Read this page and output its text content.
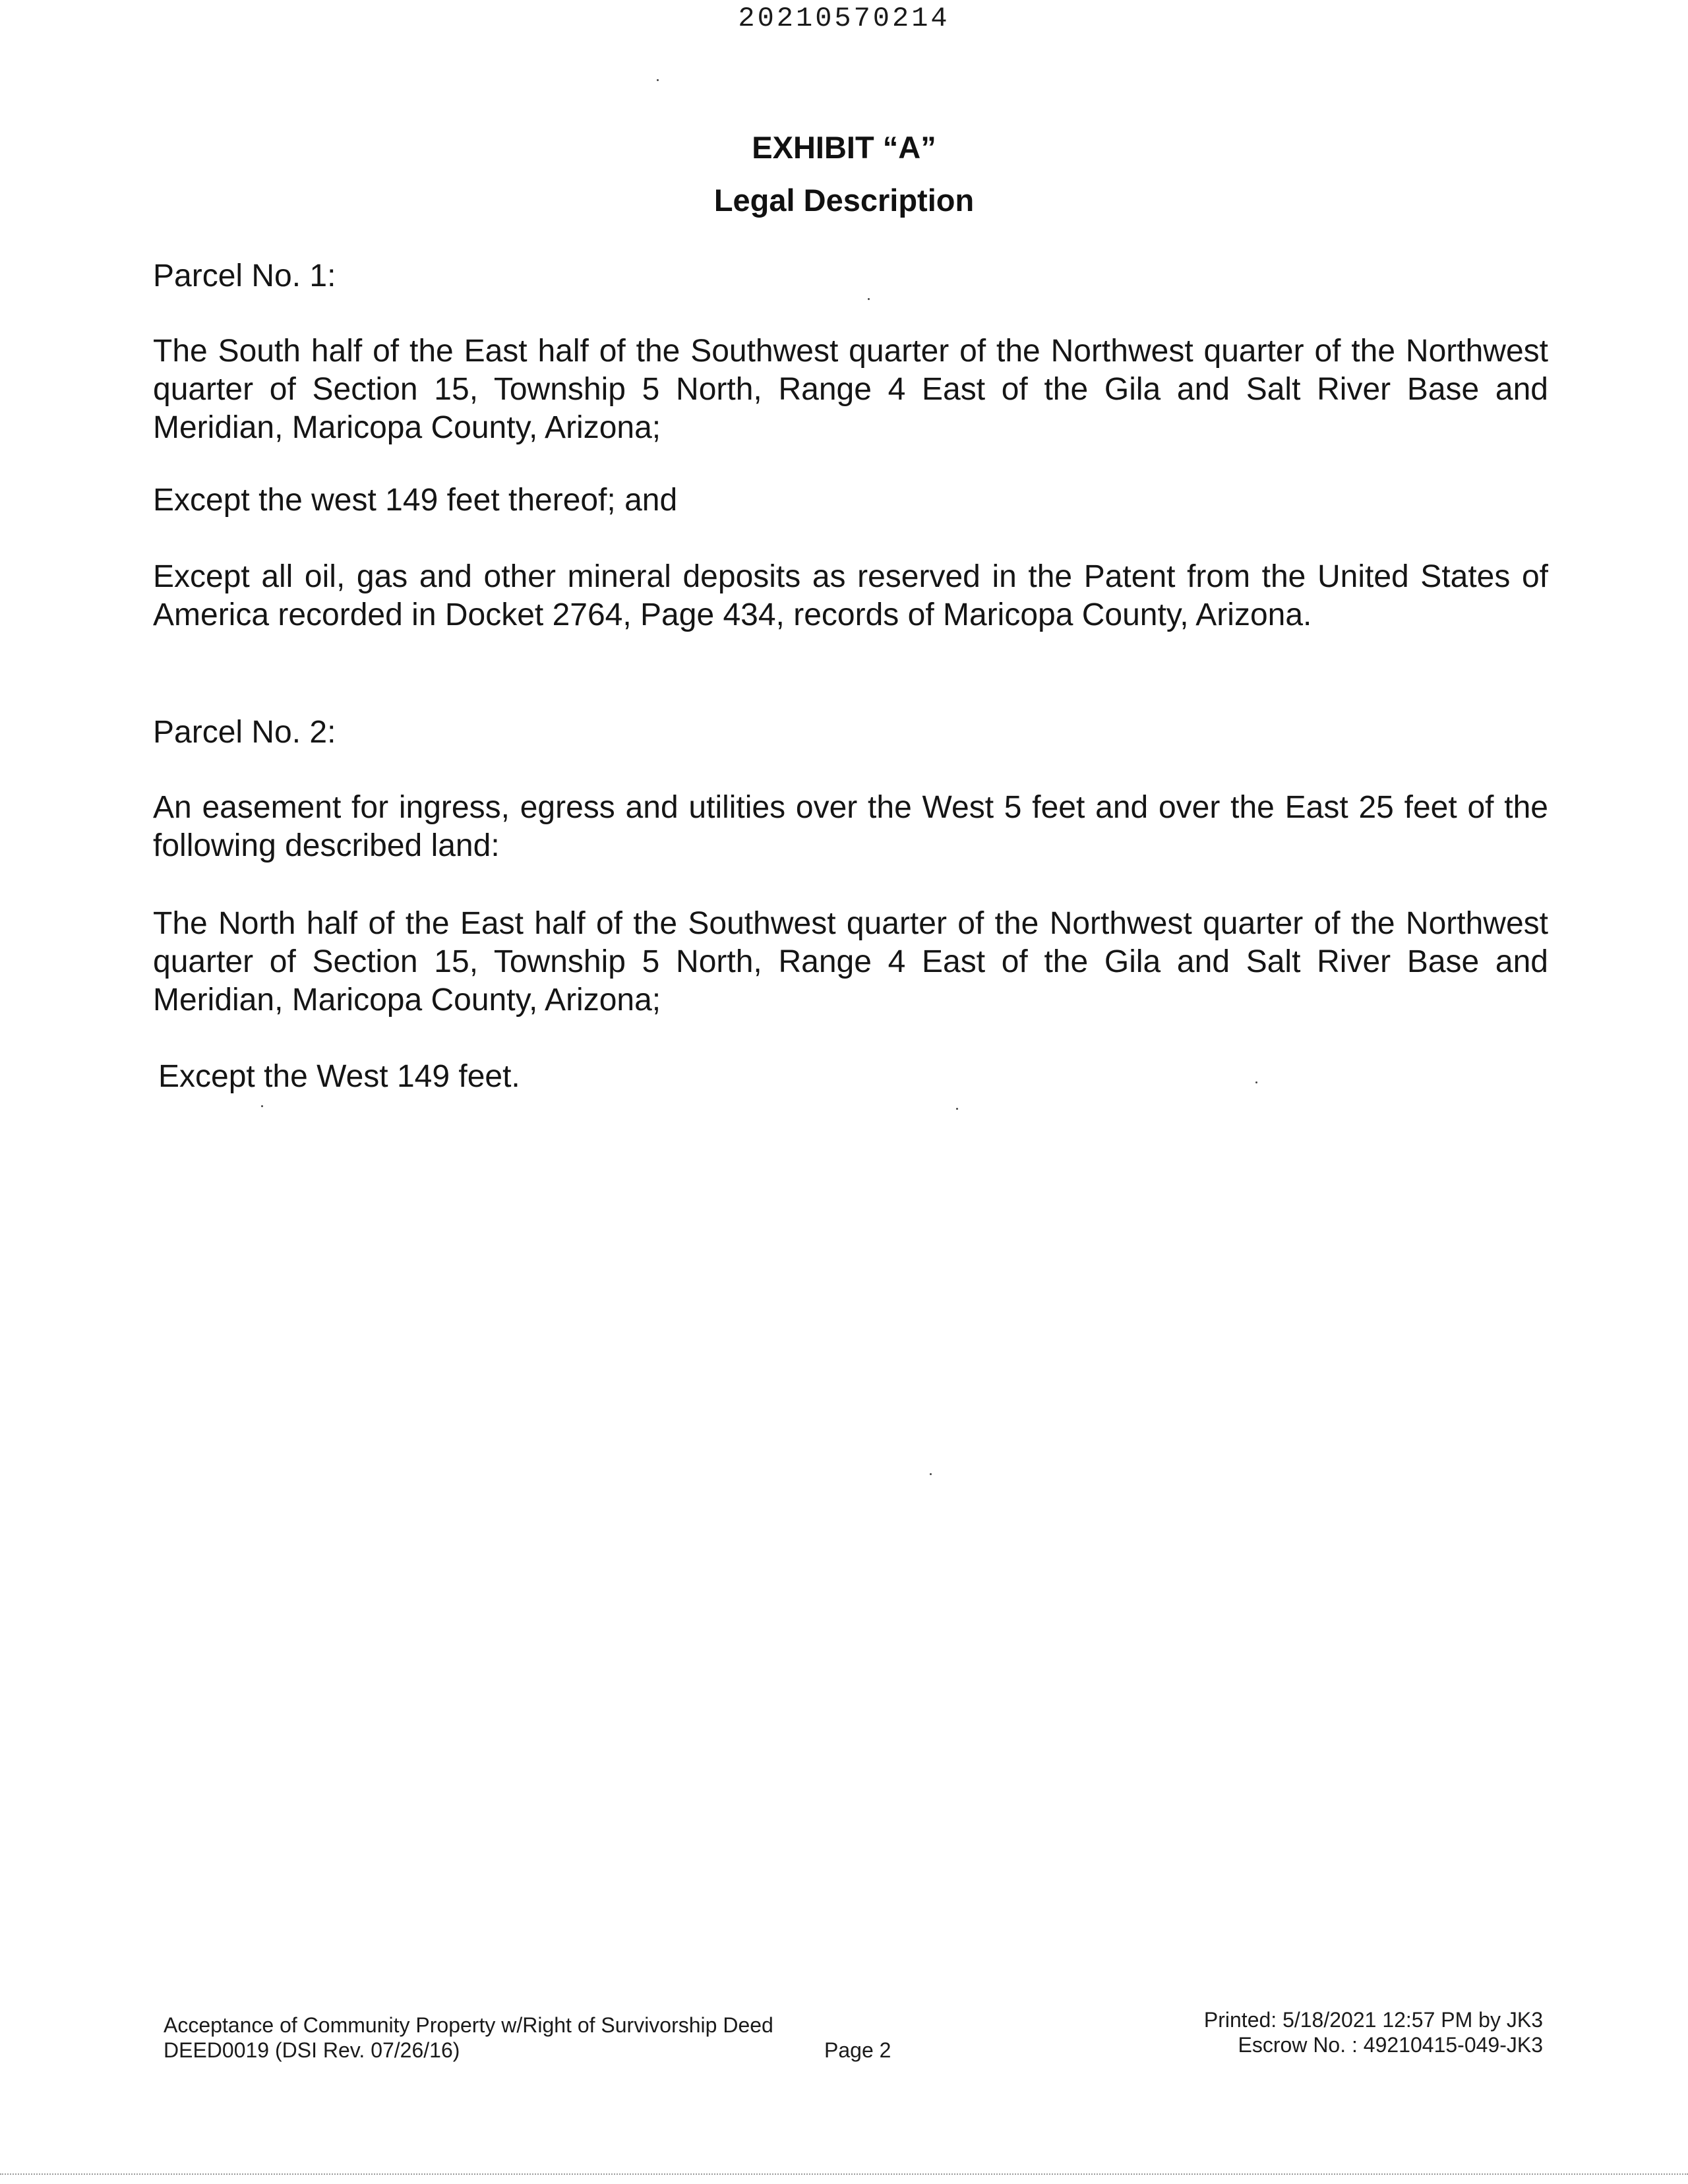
20210570214
EXHIBIT “A”
Legal Description
Parcel No. 1:
The South half of the East half of the Southwest quarter of the Northwest quarter of the Northwest quarter of Section 15, Township 5 North, Range 4 East of the Gila and Salt River Base and Meridian, Maricopa County, Arizona;
Except the west 149 feet thereof; and
Except all oil, gas and other mineral deposits as reserved in the Patent from the United States of America recorded in Docket 2764, Page 434, records of Maricopa County, Arizona.
Parcel No. 2:
An easement for ingress, egress and utilities over the West 5 feet and over the East 25 feet of the following described land:
The North half of the East half of the Southwest quarter of the Northwest quarter of the Northwest quarter of Section 15, Township 5 North, Range 4 East of the Gila and Salt River Base and Meridian, Maricopa County, Arizona;
Except the West 149 feet.
Acceptance of Community Property w/Right of Survivorship Deed
DEED0019 (DSI Rev. 07/26/16)	Page 2
Printed: 5/18/2021 12:57 PM by JK3
Escrow No. : 49210415-049-JK3
